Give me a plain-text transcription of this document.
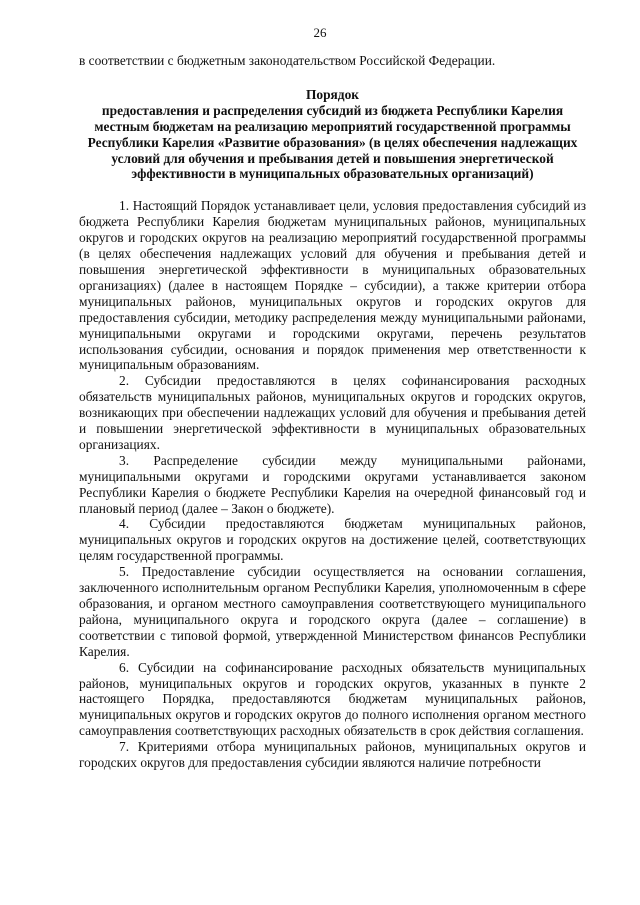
26

в соответствии с бюджетным законодательством Российской Федерации.

Порядок
предоставления и распределения субсидий из бюджета Республики Карелия местным бюджетам на реализацию мероприятий государственной программы Республики Карелия «Развитие образования» (в целях обеспечения надлежащих условий для обучения и пребывания детей и повышения энергетической эффективности в муниципальных образовательных организаций)

1. Настоящий Порядок устанавливает цели, условия предоставления субсидий из бюджета Республики Карелия бюджетам муниципальных районов, муниципальных округов и городских округов на реализацию мероприятий государственной программы (в целях обеспечения надлежащих условий для обучения и пребывания детей и повышения энергетической эффективности в муниципальных образовательных организациях) (далее в настоящем Порядке – субсидии), а также критерии отбора муниципальных районов, муниципальных округов и городских округов для предоставления субсидии, методику распределения между муниципальными районами, муниципальными округами и городскими округами, перечень результатов использования субсидии, основания и порядок применения мер ответственности к муниципальным образованиям.

2. Субсидии предоставляются в целях софинансирования расходных обязательств муниципальных районов, муниципальных округов и городских округов, возникающих при обеспечении надлежащих условий для обучения и пребывания детей и повышении энергетической эффективности в муниципальных образовательных организациях.

3. Распределение субсидии между муниципальными районами, муниципальными округами и городскими округами устанавливается законом Республики Карелия о бюджете Республики Карелия на очередной финансовый год и плановый период (далее – Закон о бюджете).

4. Субсидии предоставляются бюджетам муниципальных районов, муниципальных округов и городских округов на достижение целей, соответствующих целям государственной программы.

5. Предоставление субсидии осуществляется на основании соглашения, заключенного исполнительным органом Республики Карелия, уполномоченным в сфере образования, и органом местного самоуправления соответствующего муниципального района, муниципального округа и городского округа (далее – соглашение) в соответствии с типовой формой, утвержденной Министерством финансов Республики Карелия.

6. Субсидии на софинансирование расходных обязательств муниципальных районов, муниципальных округов и городских округов, указанных в пункте 2 настоящего Порядка, предоставляются бюджетам муниципальных районов, муниципальных округов и городских округов до полного исполнения органом местного самоуправления соответствующих расходных обязательств в срок действия соглашения.

7. Критериями отбора муниципальных районов, муниципальных округов и городских округов для предоставления субсидии являются наличие потребности
